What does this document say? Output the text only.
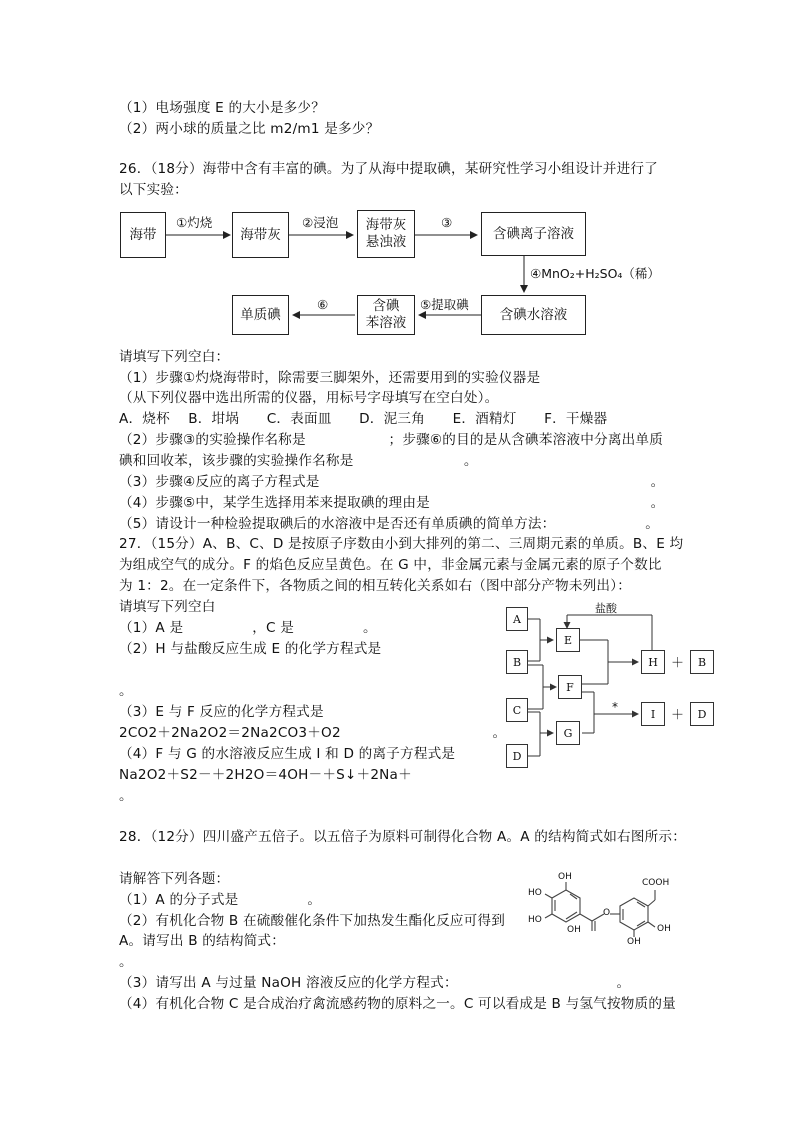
（1）电场强度 E 的大小是多少？
（2）两小球的质量之比 m2/m1 是多少？
26．（18分）海带中含有丰富的碘。为了从海中提取碘，某研究性学习小组设计并进行了
以下实验：
海带	海带灰
海带灰
悬浊液
含碘离子溶液
含碘水溶液
含碘
苯溶液
单质碘
①灼烧	②浸泡	③
④MnO₂+H₂SO₄（稀）
⑤提取碘
⑥
请填写下列空白：
（1）步骤①灼烧海带时，除需要三脚架外，还需要用到的实验仪器是
（从下列仪器中选出所需的仪器，用标号字母填写在空白处）。
A．烧杯　 B．坩埚　　C．表面皿　　D．泥三角　　E．酒精灯　　F．干燥器
（2）步骤③的实验操作名称是　　　　　　；步骤⑥的目的是从含碘苯溶液中分离出单质
碘和回收苯，该步骤的实验操作名称是　　　　　　　　。
（3）步骤④反应的离子方程式是　　　　　　　　　　　　　　　　　　　　　　　　。
（4）步骤⑤中，某学生选择用苯来提取碘的理由是　　　　　　　　　　　　　　　　。
（5）请设计一种检验提取碘后的水溶液中是否还有单质碘的简单方法：　　　　　　　。
27．（15分）A、B、C、D 是按原子序数由小到大排列的第二、三周期元素的单质。B、E 均
为组成空气的成分。F 的焰色反应呈黄色。在 G 中，非金属元素与金属元素的原子个数比
为 1：2。在一定条件下，各物质之间的相互转化关系如右（图中部分产物未列出）：
请填写下列空白
（1）A 是　　　　　，C 是　　　　　。
（2）H 与盐酸反应生成 E 的化学方程式是
。
（3）E 与 F 反应的化学方程式是
2CO2＋2Na2O2＝2Na2CO3＋O2　　　　　　　　　　　。
（4）F 与 G 的水溶液反应生成 I 和 D 的离子方程式是
Na2O2＋S2－＋2H2O＝4OH－＋S↓＋2Na＋
。
A
B
C
D
E
F
G
H	＋	B
I	＋	D
盐酸
*
28．（12分）四川盛产五倍子。以五倍子为原料可制得化合物 A。A 的结构简式如右图所示：
请解答下列各题：
（1）A 的分子式是　　　　　。
（2）有机化合物 B 在硫酸催化条件下加热发生酯化反应可得到
A。请写出 B 的结构简式：
。
（3）请写出 A 与过量 NaOH 溶液反应的化学方程式：　　　　　　　　　　　　。
（4）有机化合物 C 是合成治疗禽流感药物的原料之一。C 可以看成是 B 与氢气按物质的量
OH
HO
HO
OH
O
COOH
OH
OH
